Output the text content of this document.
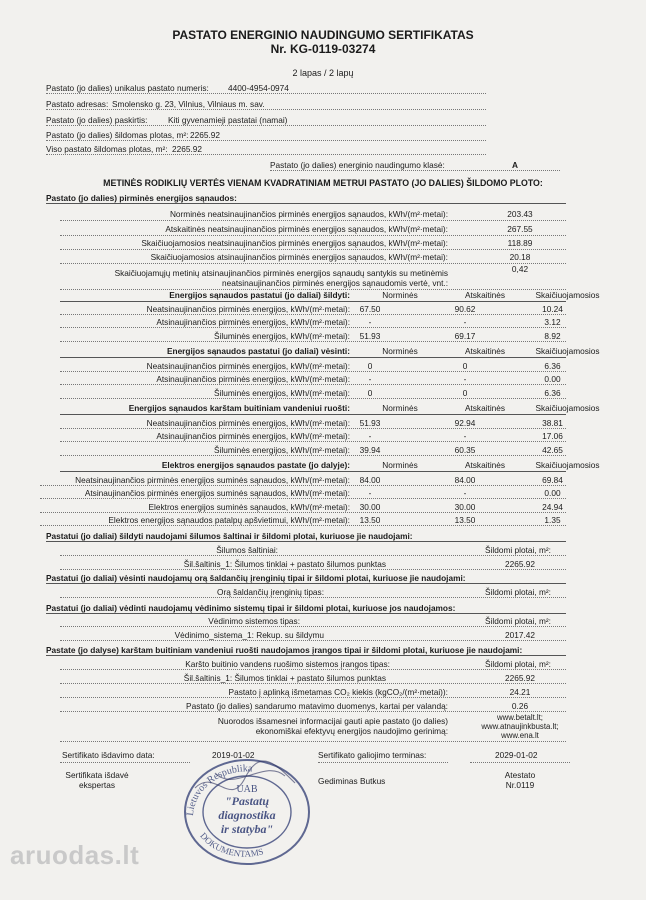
PASTATO ENERGINIO NAUDINGUMO SERTIFIKATAS
Nr. KG-0119-03274
2 lapas / 2 lapų
Pastato (jo dalies) unikalus pastato numeris: 4400-4954-0974
Pastato adresas: Smolensko g. 23, Vilnius, Vilniaus m. sav.
Pastato (jo dalies) paskirtis: Kiti gyvenamieji pastatai (namai)
Pastato (jo dalies) šildomas plotas, m²: 2265.92
Viso pastato šildomas plotas, m²: 2265.92
Pastato (jo dalies) energinio naudingumo klasė:	A
METINĖS RODIKLIŲ VERTĖS VIENAM KVADRATINIAM METRUI PASTATO (JO DALIES) ŠILDOMO PLOTO:
Pastato (jo dalies) pirminės energijos sąnaudos:
Norminės neatsinaujinančios pirminės energijos sąnaudos, kWh/(m²·metai):	203.43
Atskaitinės neatsinaujinančios pirminės energijos sąnaudos, kWh/(m²·metai):	267.55
Skaičiuojamosios neatsinaujinančios pirminės energijos sąnaudos, kWh/(m²·metai):	118.89
Skaičiuojamosios atsinaujinančios pirminės energijos sąnaudos, kWh/(m²·metai):	20.18
Skaičiuojamųjų metinių atsinaujinančios pirminės energijos sąnaudų santykis su metinėmis
neatsinaujinančios pirminės energijos sąnaudomis vertė, vnt.:
0,42
Energijos sąnaudos pastatui (jo daliai) šildyti:	Norminės	Atskaitinės	Skaičiuojamosios
Neatsinaujinančios pirminės energijos, kWh/(m²·metai):	67.50	90.62	10.24
Atsinaujinančios pirminės energijos, kWh/(m²·metai):	-	-	3.12
Šiluminės energijos, kWh/(m²·metai):	51.93	69.17	8.92
Energijos sąnaudos pastatui (jo daliai) vėsinti:	Norminės	Atskaitinės	Skaičiuojamosios
Neatsinaujinančios pirminės energijos, kWh/(m²·metai):	0	0	6.36
Atsinaujinančios pirminės energijos, kWh/(m²·metai):	-	-	0.00
Šiluminės energijos, kWh/(m²·metai):	0	0	6.36
Energijos sąnaudos karštam buitiniam vandeniui ruošti:	Norminės	Atskaitinės	Skaičiuojamosios
Neatsinaujinančios pirminės energijos, kWh/(m²·metai):	51.93	92.94	38.81
Atsinaujinančios pirminės energijos, kWh/(m²·metai):	-	-	17.06
Šiluminės energijos, kWh/(m²·metai):	39.94	60.35	42.65
Elektros energijos sąnaudos pastate (jo dalyje):	Norminės	Atskaitinės	Skaičiuojamosios
Neatsinaujinančios pirminės energijos suminės sąnaudos, kWh/(m²·metai):	84.00	84.00	69.84
Atsinaujinančios pirminės energijos suminės sąnaudos, kWh/(m²·metai):	-	-	0.00
Elektros energijos suminės sąnaudos, kWh/(m²·metai):	30.00	30.00	24.94
Elektros energijos sąnaudos patalpų apšvietimui, kWh/(m²·metai):	13.50	13.50	1.35
Pastatui (jo daliai) šildyti naudojami šilumos šaltinai ir šildomi plotai, kuriuose jie naudojami:
Šilumos šaltiniai:	Šildomi plotai, m²:
Šil.šaltinis_1: Šilumos tinklai + pastato šilumos punktas	2265.92
Pastatui (jo daliai) vėsinti naudojamų orą šaldančių įrenginių tipai ir šildomi plotai, kuriuose jie naudojami:
Orą šaldančių įrenginių tipas:	Šildomi plotai, m²:
Pastatui (jo daliai) vėdinti naudojamų vėdinimo sistemų tipai ir šildomi plotai, kuriuose jos naudojamos:
Vėdinimo sistemos tipas:	Šildomi plotai, m²:
Vėdinimo_sistema_1: Rekup. su šildymu	2017.42
Pastate (jo dalyse) karštam buitiniam vandeniui ruošti naudojamos įrangos tipai ir šildomi plotai, kuriuose jie naudojami:
Karšto buitinio vandens ruošimo sistemos įrangos tipas:	Šildomi plotai, m²:
Šil.šaltinis_1: Šilumos tinklai + pastato šilumos punktas	2265.92
Pastato į aplinką išmetamas CO₂ kiekis (kgCO₂/(m²·metai)):	24.21
Pastato (jo dalies) sandarumo matavimo duomenys, kartai per valandą:	0.26
Nuorodos išsamesnei informacijai gauti apie pastato (jo dalies)
ekonomiškai efektyvų energijos naudojimo gerinimą:
www.betalt.lt;
www.atnaujinkbusta.lt;
www.ena.lt
Sertifikato išdavimo data:	2019-01-02	Sertifikato galiojimo terminas:	2029-01-02
Sertifikata išdavė
ekspertas	Gediminas Butkus
Atestato
Nr.0119
Lietuvos Respublika
DOKUMENTAMS
UAB
"Pastatų
diagnostika
ir statyba"
aruodas.lt
